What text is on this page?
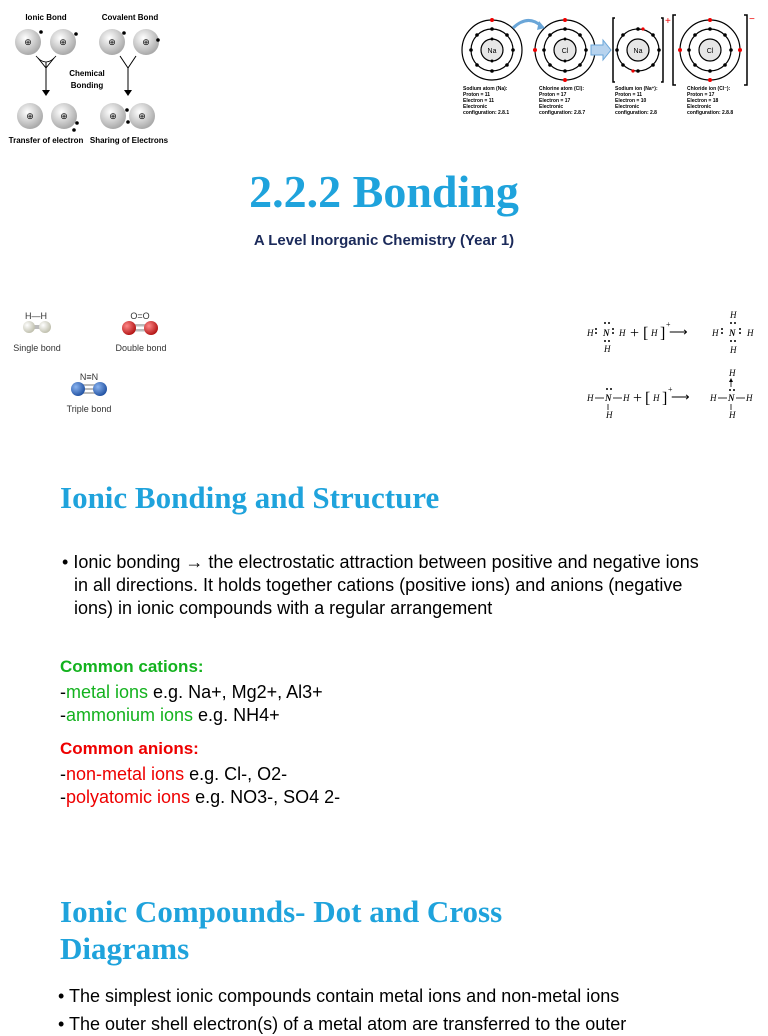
Ionic Bond	Covalent Bond
⊕	⊕	⊕	⊕
Chemical
Bonding
⊕	⊕	⊕ ⊕
Transfer of electron Sharing of Electrons
+	−
Na	Cl	Na	Cl
Sodium atom (Na):
Proton = 11
Electron = 11
Electronic
configuration: 2.8.1
Chlorine atom (Cl):
Proton = 17
Electron = 17
Electronic
configuration: 2.8.7
Sodium ion (Na⁺):
Proton = 11
Electron = 10
Electronic
configuration: 2.8
Chloride ion (Cl⁻):
Proton = 17
Electron = 18
Electronic
configuration: 2.8.8
2.2.2 Bonding
A Level Inorganic Chemistry (Year 1)
H—H
Single bond
O=O
Double bond
N≡N
Triple bond
H N H
H
+ [ H ]
+
⟶
H
H N H
H
H N H
H
+ [ H ]
+
⟶
H
H N H
H
Ionic Bonding and Structure
• Ionic bonding → the electrostatic attraction between positive and negative ions in all directions. It holds together cations (positive ions) and anions (negative ions) in ionic compounds with a regular arrangement
Common cations:
-metal ions e.g. Na+, Mg2+, Al3+
-ammonium ions e.g. NH4+
Common anions:
-non-metal ions e.g. Cl-, O2-
-polyatomic ions e.g. NO3-, SO4 2-
Ionic Compounds- Dot and Cross
Diagrams
• The simplest ionic compounds contain metal ions and non-metal ions
• The outer shell electron(s) of a metal atom are transferred to the outer
